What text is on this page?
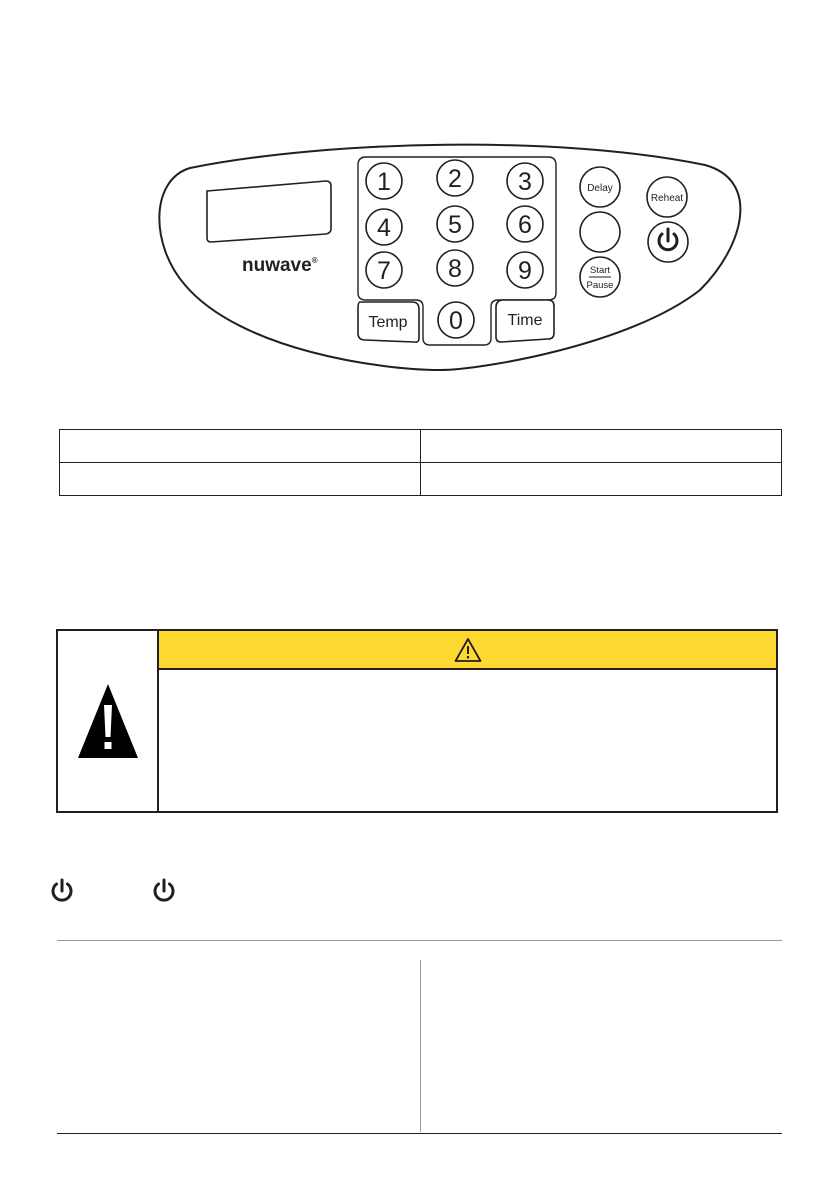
nuwave®
1 2 3
4 5 6
7 8 9
0
Temp	Time
Delay
Start
Pause
Reheat
